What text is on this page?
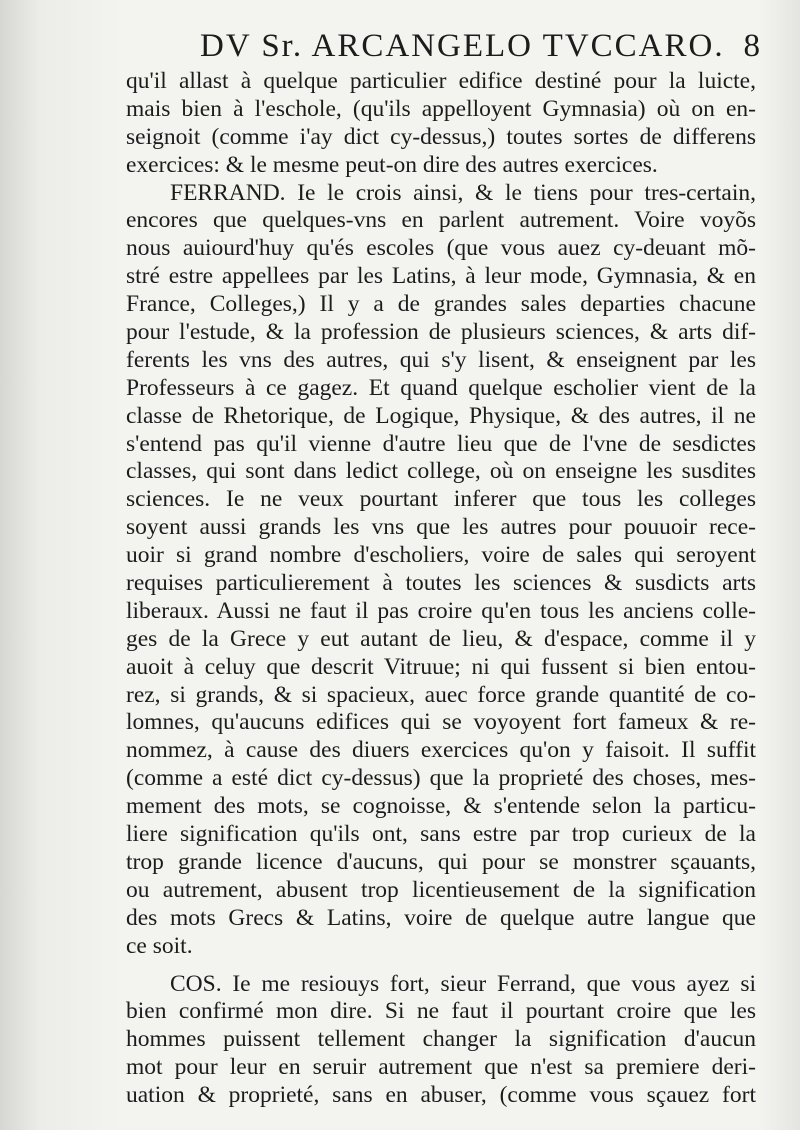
DV Sr. ARCANGELO TVCCARO. 8
qu'il allast à quelque particulier edifice destiné pour la luicte,
mais bien à l'eschole, (qu'ils appelloyent Gymnasia) où on en-
seignoit (comme i'ay dict cy-dessus,) toutes sortes de differens
exercices: & le mesme peut-on dire des autres exercices.
FERRAND. Ie le crois ainsi, & le tiens pour tres-certain,
encores que quelques-vns en parlent autrement. Voire voyõs
nous auiourd'huy qu'és escoles (que vous auez cy-deuant mõ-
stré estre appellees par les Latins, à leur mode, Gymnasia, & en
France, Colleges,) Il y a de grandes sales departies chacune
pour l'estude, & la profession de plusieurs sciences, & arts dif-
ferents les vns des autres, qui s'y lisent, & enseignent par les
Professeurs à ce gagez. Et quand quelque escholier vient de la
classe de Rhetorique, de Logique, Physique, & des autres, il ne
s'entend pas qu'il vienne d'autre lieu que de l'vne de sesdictes
classes, qui sont dans ledict college, où on enseigne les susdites
sciences. Ie ne veux pourtant inferer que tous les colleges
soyent aussi grands les vns que les autres pour pouuoir rece-
uoir si grand nombre d'escholiers, voire de sales qui seroyent
requises particulierement à toutes les sciences & susdicts arts
liberaux. Aussi ne faut il pas croire qu'en tous les anciens colle-
ges de la Grece y eut autant de lieu, & d'espace, comme il y
auoit à celuy que descrit Vitruue; ni qui fussent si bien entou-
rez, si grands, & si spacieux, auec force grande quantité de co-
lomnes, qu'aucuns edifices qui se voyoyent fort fameux & re-
nommez, à cause des diuers exercices qu'on y faisoit. Il suffit
(comme a esté dict cy-dessus) que la proprieté des choses, mes-
mement des mots, se cognoisse, & s'entende selon la particu-
liere signification qu'ils ont, sans estre par trop curieux de la
trop grande licence d'aucuns, qui pour se monstrer sçauants,
ou autrement, abusent trop licentieusement de la signification
des mots Grecs & Latins, voire de quelque autre langue que
ce soit.
COS. Ie me resiouys fort, sieur Ferrand, que vous ayez si
bien confirmé mon dire. Si ne faut il pourtant croire que les
hommes puissent tellement changer la signification d'aucun
mot pour leur en seruir autrement que n'est sa premiere deri-
uation & proprieté, sans en abuser, (comme vous sçauez fort
